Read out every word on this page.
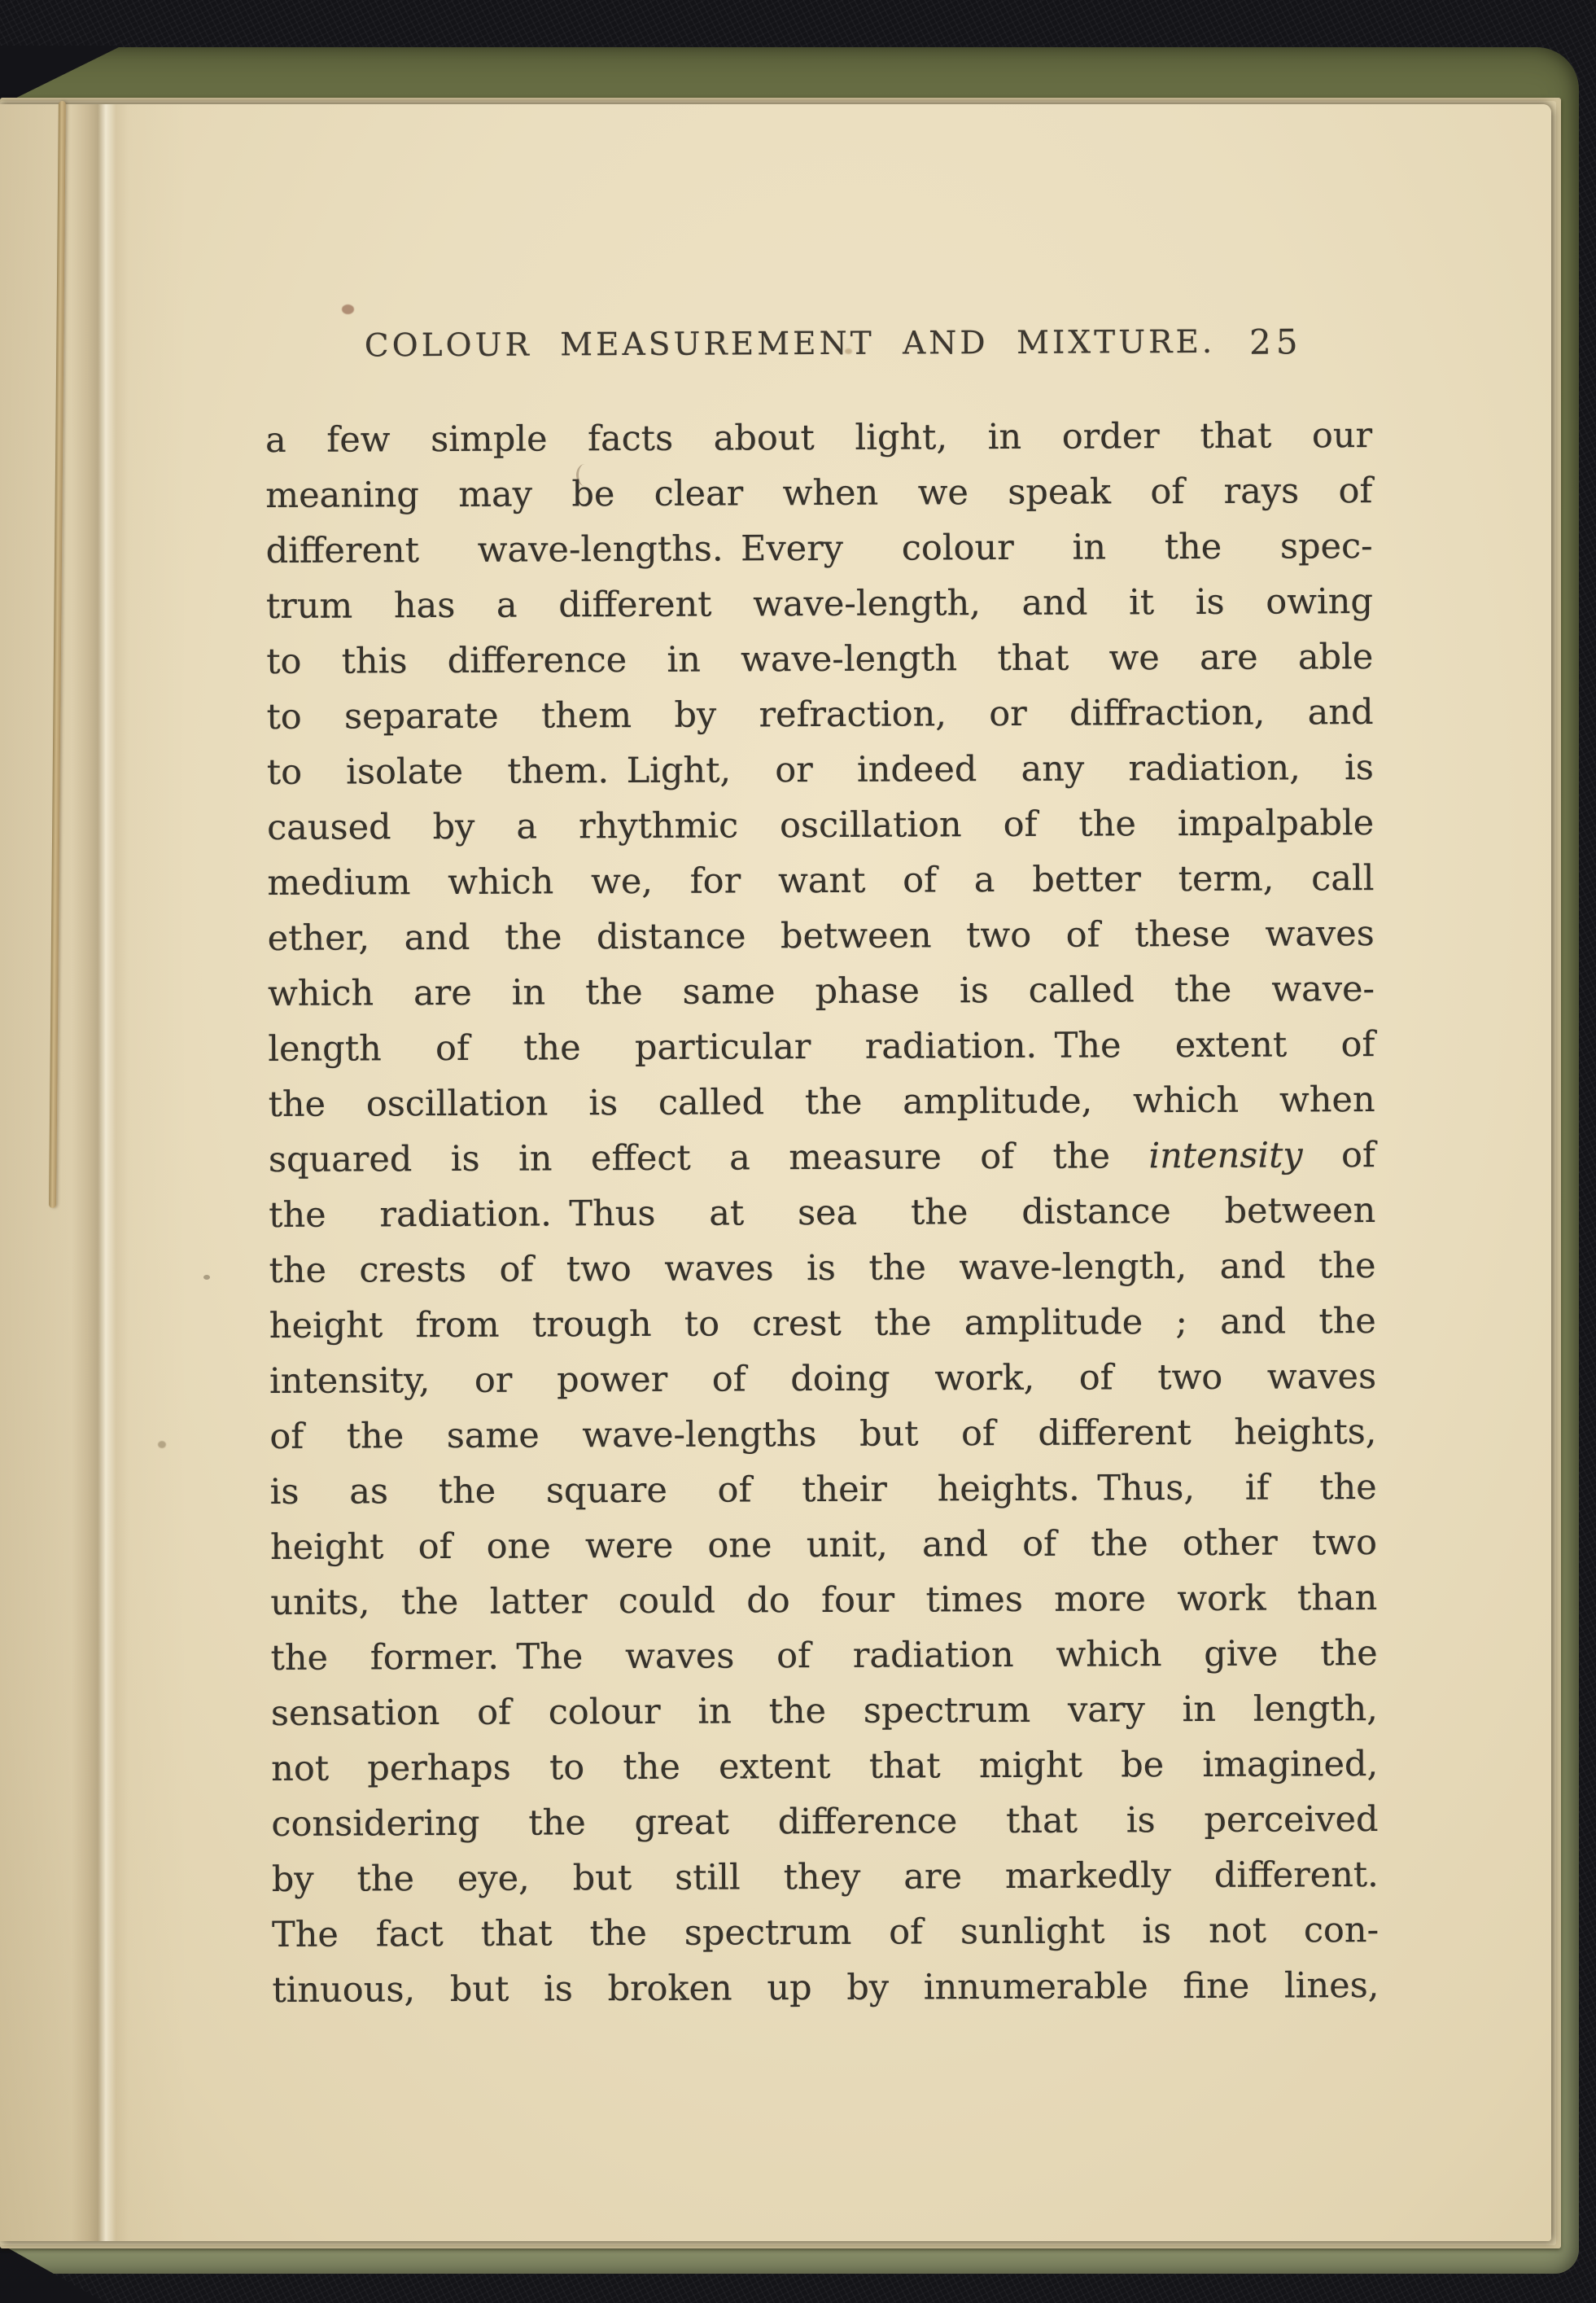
COLOUR MEASUREMENT AND MIXTURE. 25
a few simple facts about light, in order that our
meaning may be clear when we speak of rays of
different wave-lengths. Every colour in the spec-
trum has a different wave-length, and it is owing
to this difference in wave-length that we are able
to separate them by refraction, or diffraction, and
to isolate them. Light, or indeed any radiation, is
caused by a rhythmic oscillation of the impalpable
medium which we, for want of a better term, call
ether, and the distance between two of these waves
which are in the same phase is called the wave-
length of the particular radiation. The extent of
the oscillation is called the amplitude, which when
squared is in effect a measure of the intensity of
the radiation. Thus at sea the distance between
the crests of two waves is the wave-length, and the
height from trough to crest the amplitude ; and the
intensity, or power of doing work, of two waves
of the same wave-lengths but of different heights,
is as the square of their heights. Thus, if the
height of one were one unit, and of the other two
units, the latter could do four times more work than
the former. The waves of radiation which give the
sensation of colour in the spectrum vary in length,
not perhaps to the extent that might be imagined,
considering the great difference that is perceived
by the eye, but still they are markedly different.
The fact that the spectrum of sunlight is not con-
tinuous, but is broken up by innumerable fine lines,
